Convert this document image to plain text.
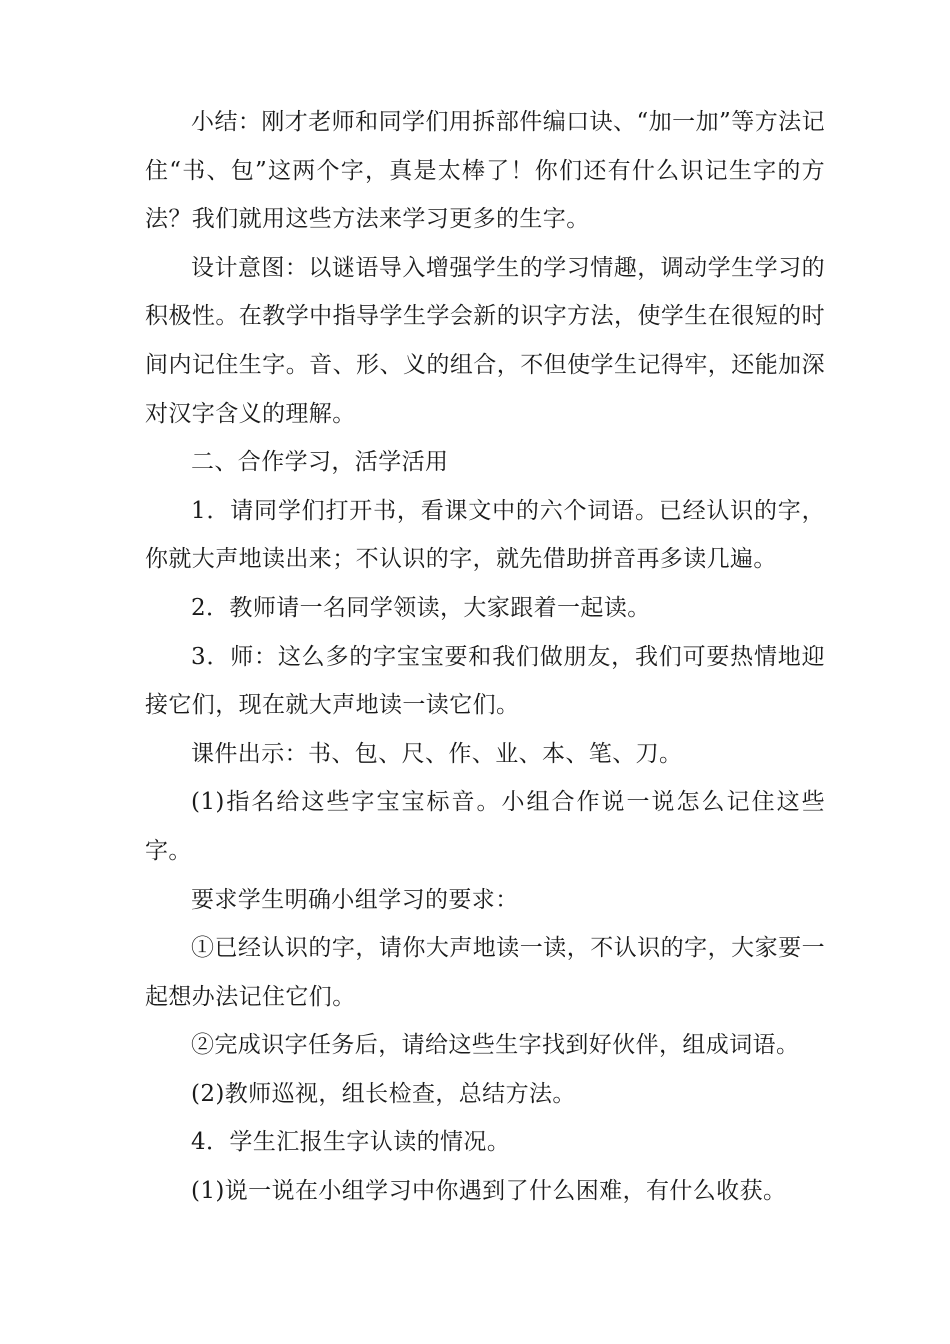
小结：刚才老师和同学们用拆部件编口诀、“加一加”等方法记住“书、包”这两个字，真是太棒了！你们还有什么识记生字的方法？我们就用这些方法来学习更多的生字。

设计意图：以谜语导入增强学生的学习情趣，调动学生学习的积极性。在教学中指导学生学会新的识字方法，使学生在很短的时间内记住生字。音、形、义的组合，不但使学生记得牢，还能加深对汉字含义的理解。

二、合作学习，活学活用

1．请同学们打开书，看课文中的六个词语。已经认识的字，你就大声地读出来；不认识的字，就先借助拼音再多读几遍。

2．教师请一名同学领读，大家跟着一起读。

3．师：这么多的字宝宝要和我们做朋友，我们可要热情地迎接它们，现在就大声地读一读它们。

课件出示：书、包、尺、作、业、本、笔、刀。

(1)指名给这些字宝宝标音。小组合作说一说怎么记住这些字。

要求学生明确小组学习的要求：

①已经认识的字，请你大声地读一读，不认识的字，大家要一起想办法记住它们。

②完成识字任务后，请给这些生字找到好伙伴，组成词语。

(2)教师巡视，组长检查，总结方法。

4．学生汇报生字认读的情况。

(1)说一说在小组学习中你遇到了什么困难，有什么收获。
